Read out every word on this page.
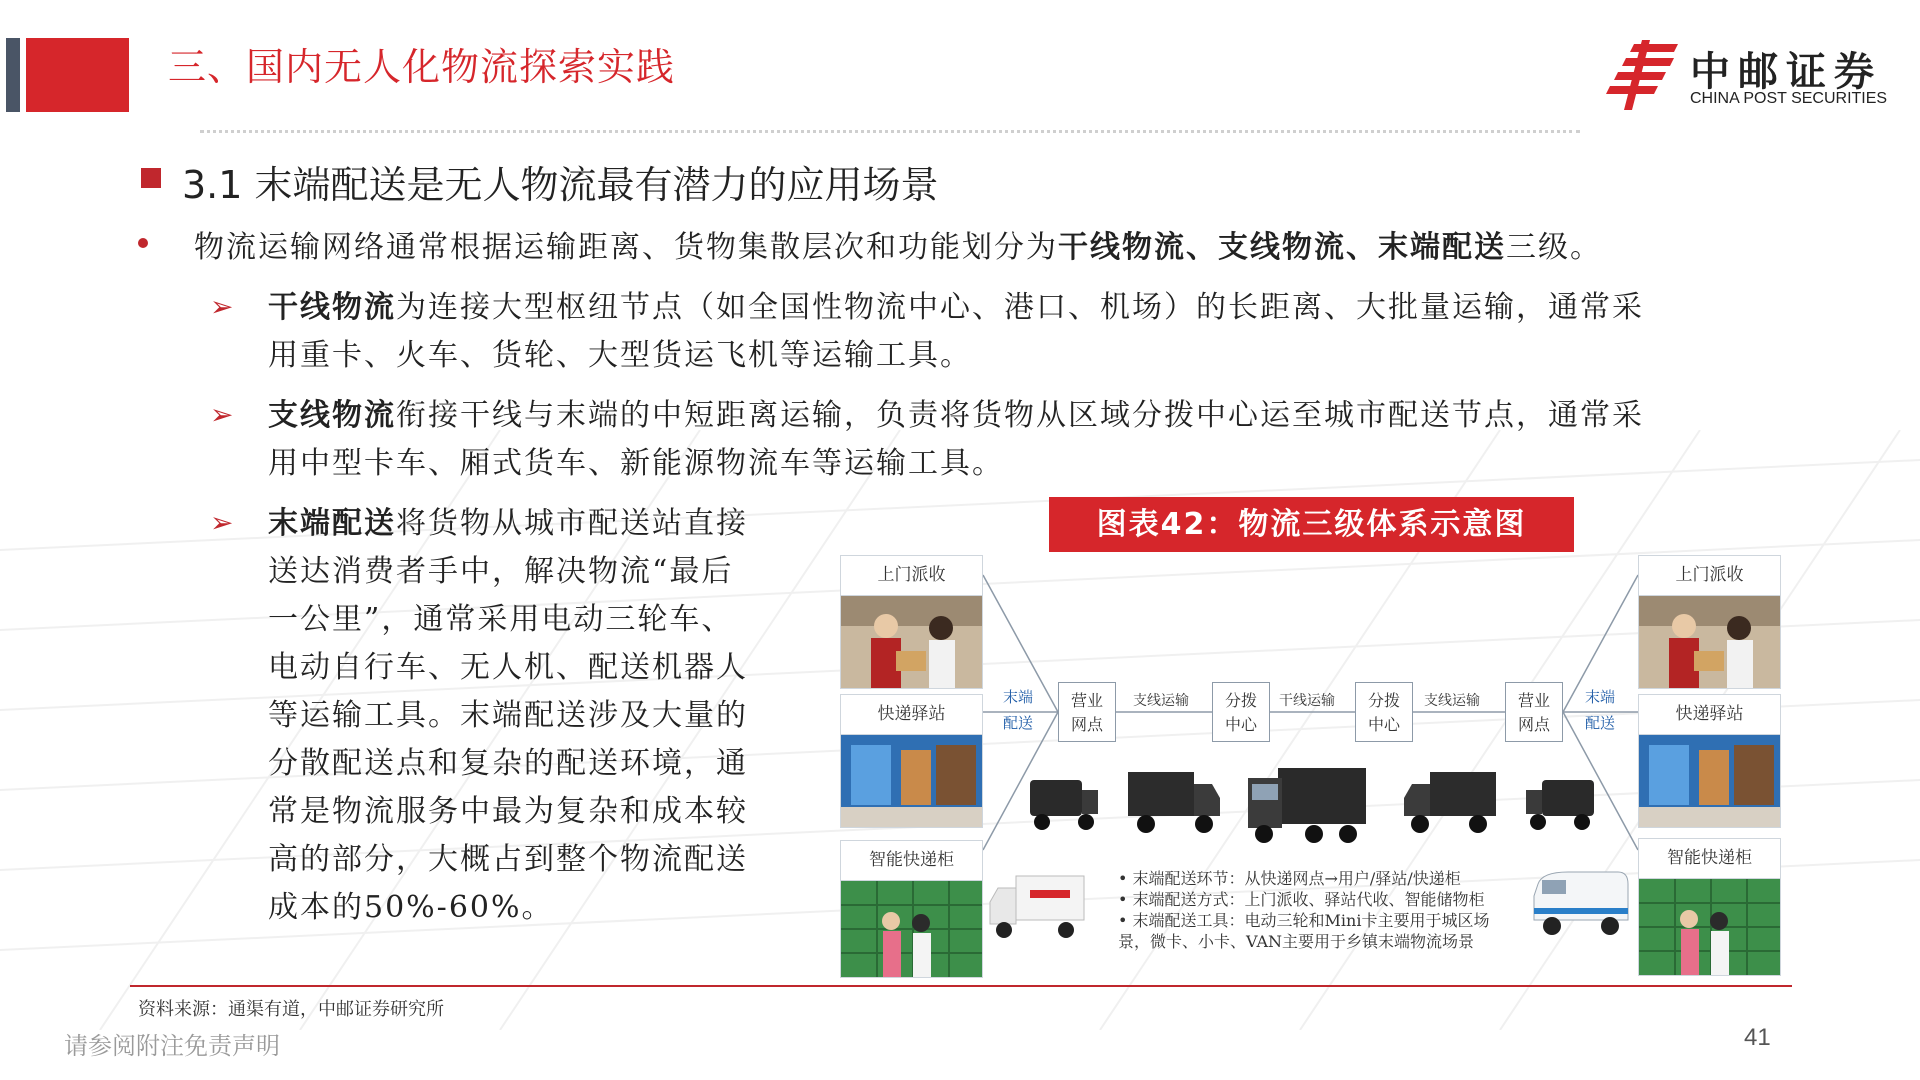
三、国内无人化物流探索实践	中邮证券
CHINA POST SECURITIES
3.1 末端配送是无人物流最有潜力的应用场景
物流运输网络通常根据运输距离、货物集散层次和功能划分为干线物流、支线物流、末端配送三级。
➢ 干线物流为连接大型枢纽节点（如全国性物流中心、港口、机场）的长距离、大批量运输，通常采
用重卡、火车、货轮、大型货运飞机等运输工具。
➢ 支线物流衔接干线与末端的中短距离运输，负责将货物从区域分拨中心运至城市配送节点，通常采
用中型卡车、厢式货车、新能源物流车等运输工具。
➢ 末端配送将货物从城市配送站直接
送达消费者手中，解决物流“最后
一公里”，通常采用电动三轮车、
电动自行车、无人机、配送机器人
等运输工具。末端配送涉及大量的
分散配送点和复杂的配送环境，通
常是物流服务中最为复杂和成本较
高的部分，大概占到整个物流配送
成本的50%-60%。
图表42：物流三级体系示意图
上门派收
快递驿站
智能快递柜
上门派收
快递驿站
智能快递柜
末端
配送
末端
配送
营业
网点
分拨
中心
分拨
中心
营业
网点
支线运输	干线运输	支线运输
• 末端配送环节：从快递网点→用户/驿站/快递柜
• 末端配送方式：上门派收、驿站代收、智能储物柜
• 末端配送工具：电动三轮和Mini卡主要用于城区场
景，微卡、小卡、VAN主要用于乡镇末端物流场景
资料来源：通渠有道，中邮证券研究所
请参阅附注免责声明	41
